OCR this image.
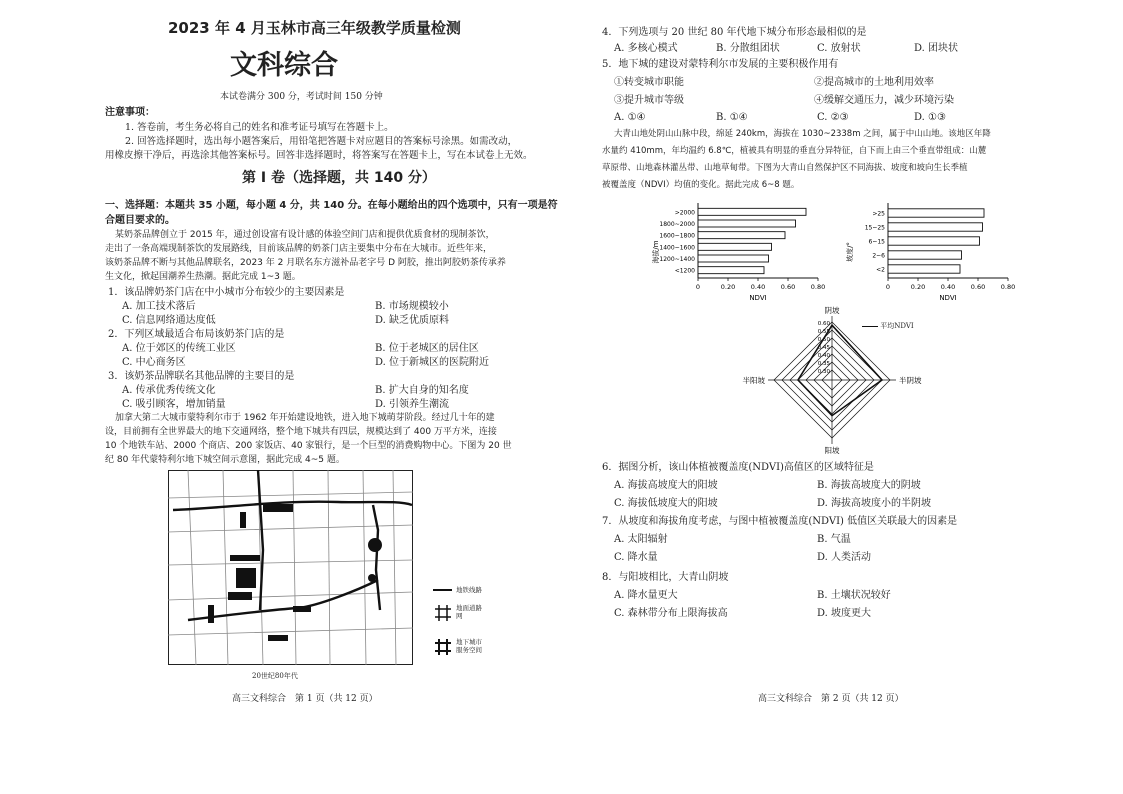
2023 年 4 月玉林市高三年级教学质量检测
文科综合
本试卷满分 300 分，考试时间 150 分钟
注意事项：
1. 答卷前，考生务必将自己的姓名和准考证号填写在答题卡上。
2. 回答选择题时，选出每小题答案后，用铅笔把答题卡对应题目的答案标号涂黑。如需改动，
用橡皮擦干净后，再选涂其他答案标号。回答非选择题时，将答案写在答题卡上，写在本试卷上无效。
第 I 卷（选择题，共 140 分）
一、选择题：本题共 35 小题，每小题 4 分，共 140 分。在每小题给出的四个选项中，只有一项是符
合题目要求的。
某奶茶品牌创立于 2015 年，通过创设富有设计感的体验空间门店和提供优质食材的现制茶饮，
走出了一条高端现制茶饮的发展路线，目前该品牌的奶茶门店主要集中分布在大城市。近些年来，
该奶茶品牌不断与其他品牌联名，2023 年 2 月联名东方滋补品老字号 D 阿胶，推出阿胶奶茶传承养
生文化，掀起国潮养生热潮。据此完成 1~3 题。
1．该品牌奶茶门店在中小城市分布较少的主要因素是
A. 加工技术落后	B. 市场规模较小
C. 信息网络通达度低	D. 缺乏优质原料
2．下列区域最适合布局该奶茶门店的是
A. 位于郊区的传统工业区	B. 位于老城区的居住区
C. 中心商务区	D. 位于新城区的医院附近
3．该奶茶品牌联名其他品牌的主要目的是
A. 传承优秀传统文化	B. 扩大自身的知名度
C. 吸引顾客，增加销量	D. 引领养生潮流
加拿大第二大城市蒙特利尔市于 1962 年开始建设地铁，进入地下城萌芽阶段。经过几十年的建
设，目前拥有全世界最大的地下交通网络，整个地下城共有四层，规模达到了 400 万平方米，连接
10 个地铁车站、2000 个商店、200 家饭店、40 家银行，是一个巨型的消费购物中心。下图为 20 世
纪 80 年代蒙特利尔地下城空间示意图，据此完成 4~5 题。
地铁线路
地面道路网
地下城市服务空间
20世纪80年代
高三文科综合　第 1 页（共 12 页）
4．下列选项与 20 世纪 80 年代地下城分布形态最相似的是
A. 多核心模式	B. 分散组团状	C. 放射状	D. 团块状
5．地下城的建设对蒙特利尔市发展的主要积极作用有
①转变城市职能	②提高城市的土地利用效率
③提升城市等级	④缓解交通压力，减少环境污染
A. ①④	B. ①④	C. ②③	D. ①③
大青山地处阴山山脉中段，绵延 240km，海拔在 1030~2338m 之间，属于中山山地。该地区年降
水量约 410mm，年均温约 6.8℃，植被具有明显的垂直分异特征，自下而上由三个垂直带组成：山麓
草原带、山地森林灌丛带、山地草甸带。下图为大青山自然保护区不同海拔、坡度和坡向生长季植
被覆盖度（NDVI）均值的变化。据此完成 6~8 题。
海拔/m
NDVI
>2000
1800~2000
1600~1800
1400~1600
1200~1400
<1200
0	0.20 0.40 0.60 0.80
坡度/°
NDVI
>25
15~25
6~15
2~6
<2
0	0.20 0.40 0.60 0.80
0.60
0.55
0.50
0.45
0.40
0.35
0.30
阴坡
半阴坡
阳坡
半阳坡
平均NDVI
6．据图分析，该山体植被覆盖度(NDVI)高值区的区域特征是
A. 海拔高坡度大的阳坡	B. 海拔高坡度大的阴坡
C. 海拔低坡度大的阳坡	D. 海拔高坡度小的半阴坡
7．从坡度和海拔角度考虑，与图中植被覆盖度(NDVI) 低值区关联最大的因素是
A. 太阳辐射	B. 气温
C. 降水量	D. 人类活动
8．与阳坡相比，大青山阴坡
A. 降水量更大	B. 土壤状况较好
C. 森林带分布上限海拔高	D. 坡度更大
高三文科综合　第 2 页（共 12 页）
